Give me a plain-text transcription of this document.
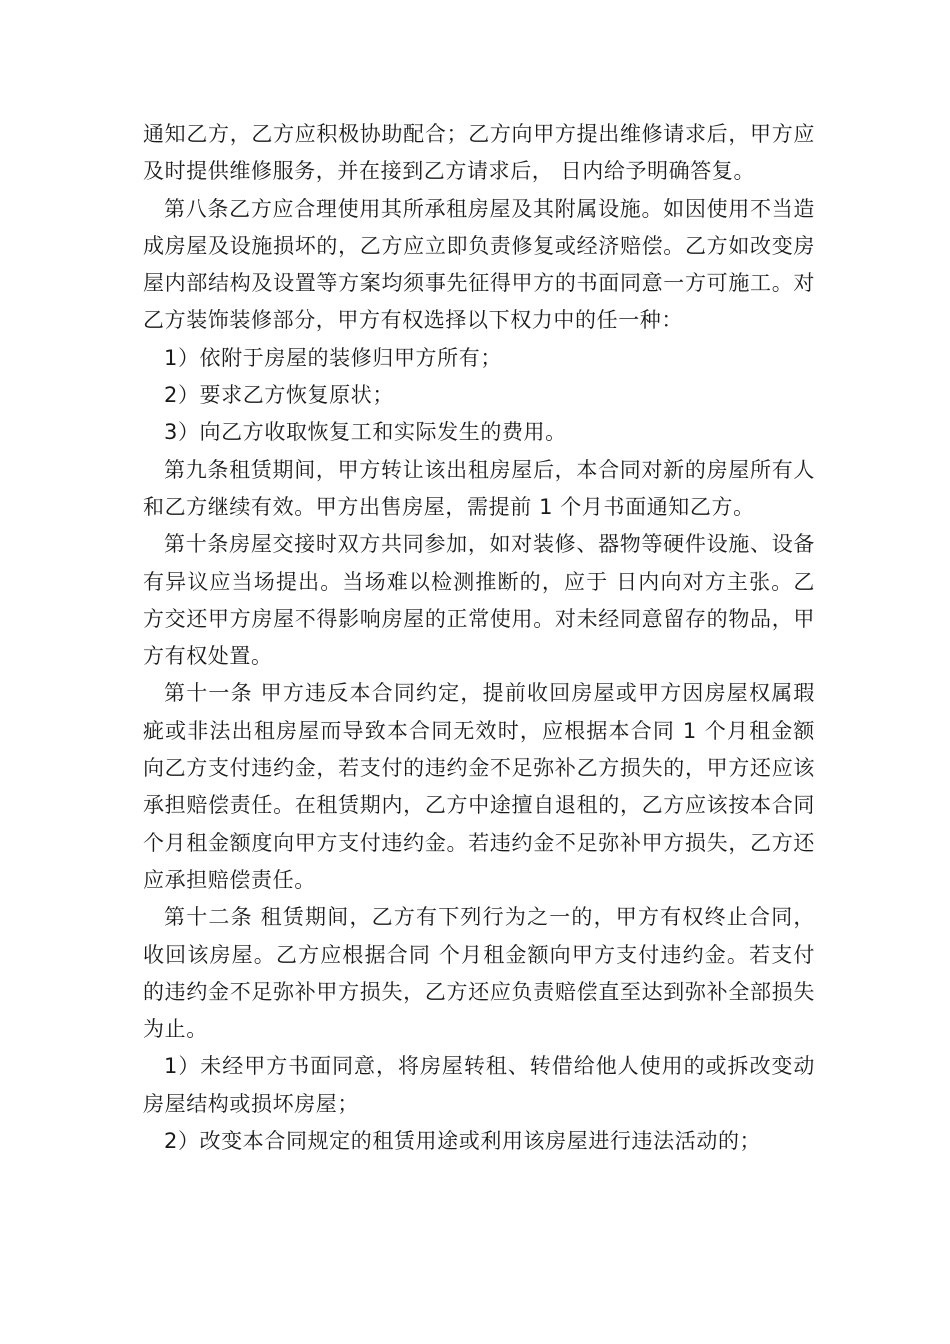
通知乙方，乙方应积极协助配合；乙方向甲方提出维修请求后，甲方应及时提供维修服务，并在接到乙方请求后， 日内给予明确答复。

第八条乙方应合理使用其所承租房屋及其附属设施。如因使用不当造成房屋及设施损坏的，乙方应立即负责修复或经济赔偿。乙方如改变房屋内部结构及设置等方案均须事先征得甲方的书面同意一方可施工。对乙方装饰装修部分，甲方有权选择以下权力中的任一种：

1）依附于房屋的装修归甲方所有；

2）要求乙方恢复原状；

3）向乙方收取恢复工和实际发生的费用。

第九条租赁期间，甲方转让该出租房屋后，本合同对新的房屋所有人和乙方继续有效。甲方出售房屋，需提前 1 个月书面通知乙方。

第十条房屋交接时双方共同参加，如对装修、器物等硬件设施、设备有异议应当场提出。当场难以检测推断的，应于 日内向对方主张。乙方交还甲方房屋不得影响房屋的正常使用。对未经同意留存的物品，甲方有权处置。

第十一条 甲方违反本合同约定，提前收回房屋或甲方因房屋权属瑕疵或非法出租房屋而导致本合同无效时，应根据本合同 1 个月租金额向乙方支付违约金，若支付的违约金不足弥补乙方损失的，甲方还应该承担赔偿责任。在租赁期内，乙方中途擅自退租的，乙方应该按本合同 个月租金额度向甲方支付违约金。若违约金不足弥补甲方损失，乙方还应承担赔偿责任。

第十二条 租赁期间，乙方有下列行为之一的，甲方有权终止合同，收回该房屋。乙方应根据合同 个月租金额向甲方支付违约金。若支付的违约金不足弥补甲方损失，乙方还应负责赔偿直至达到弥补全部损失为止。

1）未经甲方书面同意，将房屋转租、转借给他人使用的或拆改变动房屋结构或损坏房屋；

2）改变本合同规定的租赁用途或利用该房屋进行违法活动的；
